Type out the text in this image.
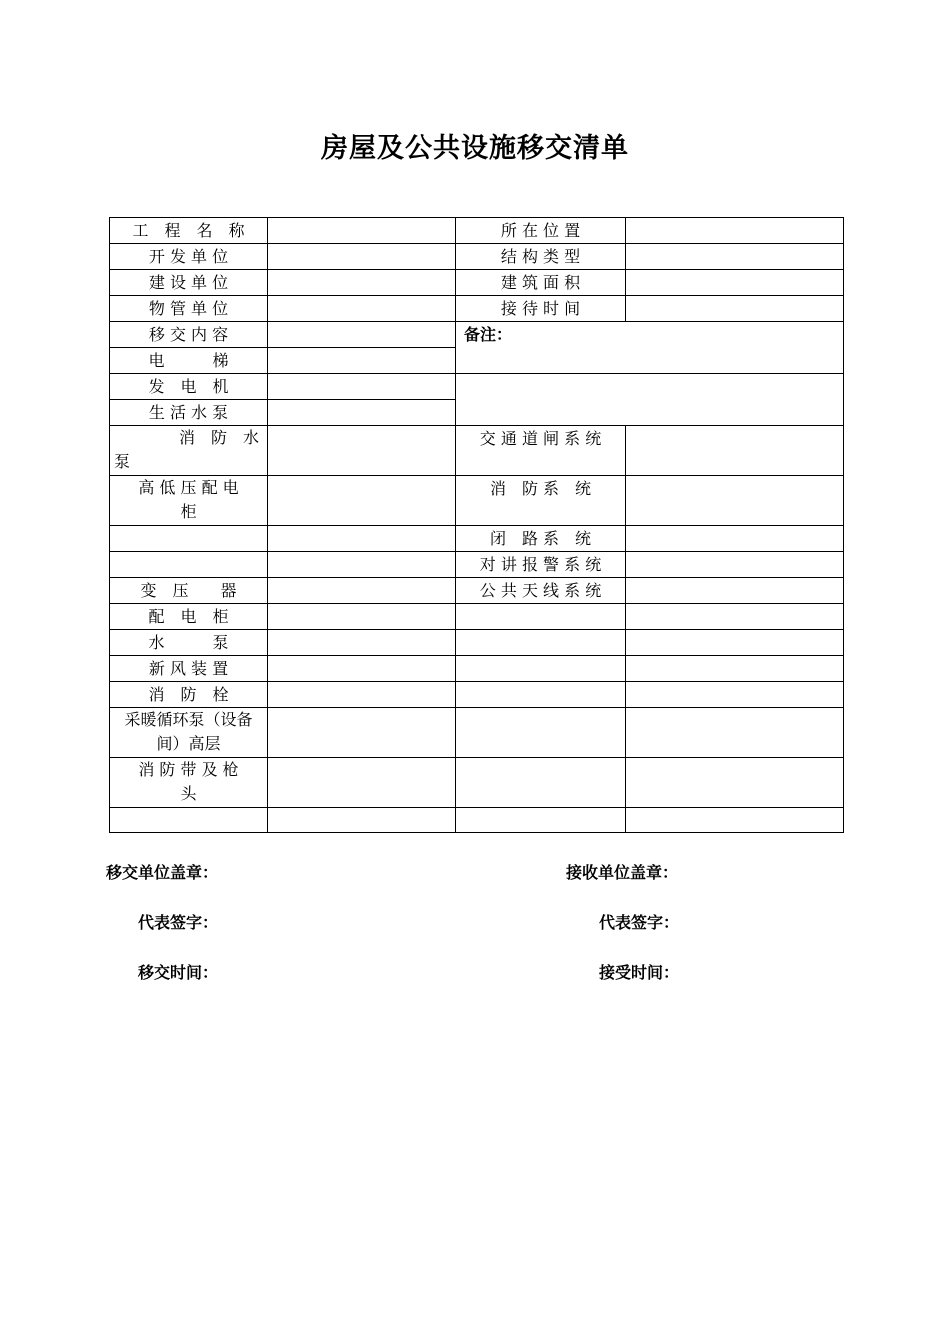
房屋及公共设施移交清单
工　程　名　称		所 在 位 置	
开 发 单 位		结 构 类 型	
建 设 单 位		建 筑 面 积	
物 管 单 位		接 待 时 间	
移 交 内 容		备注：	
电　　　梯			
发　电　机			
生 活 水 泵			

消　防　水
泵		交 通 道 闸 系 统	

高 低 压 配 电
柜		消　防 系　统	
		闭　路 系　统	
		对 讲 报 警 系 统	
变　压　　器		公 共 天 线 系 统	
配　电　柜			
水　　　泵			
新 风 装 置			
消　防　栓			

采暖循环泵（设备
间）高层			

消 防 带 及 枪
头			

移交单位盖章：	接收单位盖章：
代表签字：	代表签字：
移交时间：	接受时间：
